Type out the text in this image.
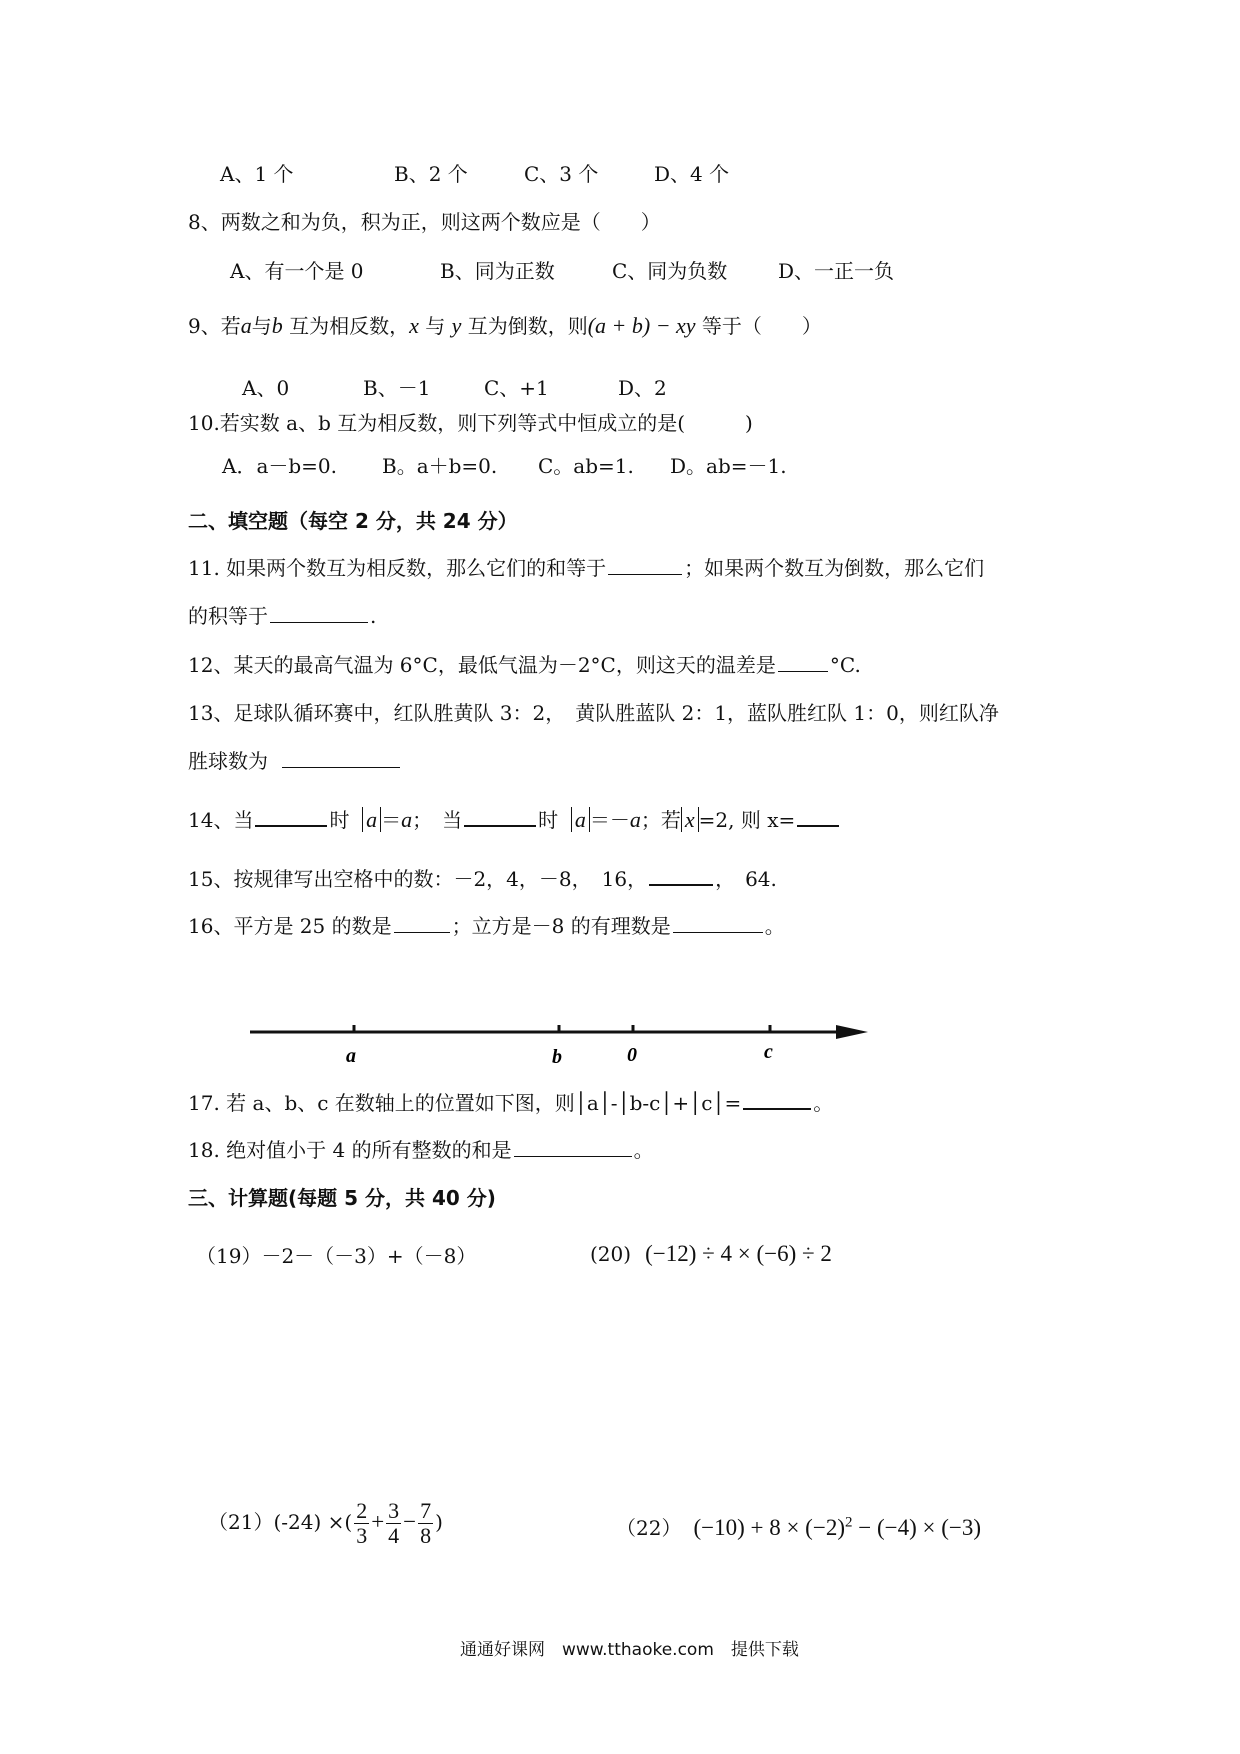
A、1 个	B、2 个	C、3 个	D、4 个
8、两数之和为负，积为正，则这两个数应是（　　）
A、有一个是 0	B、同为正数	C、同为负数	D、一正一负
9、若a与b 互为相反数，x 与 y 互为倒数，则(a + b) − xy 等于（　　）
A、0	B、－1	C、+1	D、2
10.若实数 a、b 互为相反数，则下列等式中恒成立的是(　　　)
A．a－b=0. B。a＋b=0. C。ab=1. D。ab=－1.
二、填空题（每空 2 分，共 24 分）
11. 如果两个数互为相反数，那么它们的和等于	；如果两个数互为倒数，那么它们
的积等于	.
12、某天的最高气温为 6°C，最低气温为－2°C，则这天的温差是	°C.
13、足球队循环赛中，红队胜黄队 3：2，　黄队胜蓝队 2：1，蓝队胜红队 1：0，则红队净
胜球数为
14、当	时 a ＝a；　当	时 a ＝－a；若 x =2, 则 x=
15、按规律写出空格中的数：－2，4，－8，　16，	，　64.
16、平方是 25 的数是	；立方是－8 的有理数是	。
a	b	0	c
17. 若 a、b、c 在数轴上的位置如下图，则│a│-│b-c│+│c│=	。
18. 绝对值小于 4 的所有整数的和是	。
三、计算题(每题 5 分，共 40 分)
（19）－2－（－3）+（－8）	(20) (−12) ÷ 4 × (−6) ÷ 2
（21）(-24) ×( $\frac{2}{3} + \frac{3}{4} - \frac{7}{8}$ )	（22） $(-10) + 8 \times (-2)^2 - (-4) \times (-3)$
通通好课网　www.tthaoke.com　提供下载
